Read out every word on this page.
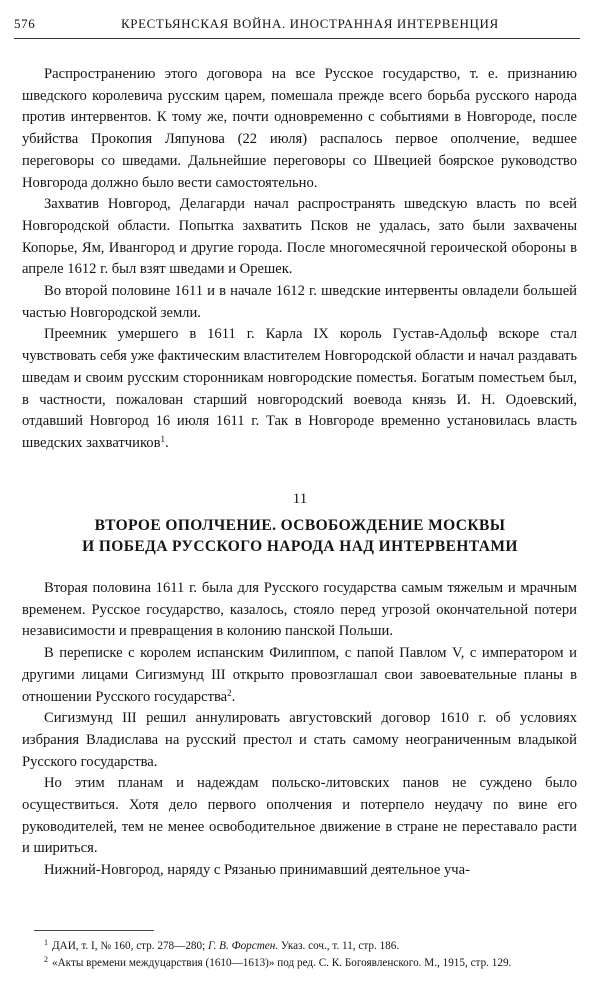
576	КРЕСТЬЯНСКАЯ ВОЙНА. ИНОСТРАННАЯ ИНТЕРВЕНЦИЯ

Распространению этого договора на все Русское государство, т. е. признанию шведского королевича русским царем, помешала прежде всего борьба русского народа против интервентов. К тому же, почти одновременно с событиями в Новгороде, после убийства Прокопия Ляпунова (22 июля) распалось первое ополчение, ведшее переговоры со шведами. Дальнейшие переговоры со Швецией боярское руководство Новгорода должно было вести самостоятельно.

Захватив Новгород, Делагарди начал распространять шведскую власть по всей Новгородской области. Попытка захватить Псков не удалась, зато были захвачены Копорье, Ям, Ивангород и другие города. После многомесячной героической обороны в апреле 1612 г. был взят шведами и Орешек.

Во второй половине 1611 и в начале 1612 г. шведские интервенты овладели большей частью Новгородской земли.

Преемник умершего в 1611 г. Карла IX король Густав-Адольф вскоре стал чувствовать себя уже фактическим властителем Новгородской области и начал раздавать шведам и своим русским сторонникам новгородские поместья. Богатым поместьем был, в частности, пожалован старший новгородский воевода князь И. Н. Одоевский, отдавший Новгород 16 июля 1611 г. Так в Новгороде временно установилась власть шведских захватчиков$^1$.

11
ВТОРОЕ ОПОЛЧЕНИЕ. ОСВОБОЖДЕНИЕ МОСКВЫ
И ПОБЕДА РУССКОГО НАРОДА НАД ИНТЕРВЕНТАМИ

Вторая половина 1611 г. была для Русского государства самым тяжелым и мрачным временем. Русское государство, казалось, стояло перед угрозой окончательной потери независимости и превращения в колонию панской Польши.

В переписке с королем испанским Филиппом, с папой Павлом V, с императором и другими лицами Сигизмунд III открыто провозглашал свои завоевательные планы в отношении Русского государства$^2$.

Сигизмунд III решил аннулировать августовский договор 1610 г. об условиях избрания Владислава на русский престол и стать самому неограниченным владыкой Русского государства.

Но этим планам и надеждам польско-литовских панов не суждено было осуществиться. Хотя дело первого ополчения и потерпело неудачу по вине его руководителей, тем не менее освободительное движение в стране не переставало расти и шириться.

Нижний-Новгород, наряду с Рязанью принимавший деятельное уча-

$^1$ ДАИ, т. I, № 160, стр. 278—280; Г. В. Форстен. Указ. соч., т. 11, стр. 186.

$^2$ «Акты времени междуцарствия (1610—1613)» под ред. С. К. Богоявленского. М., 1915, стр. 129.
